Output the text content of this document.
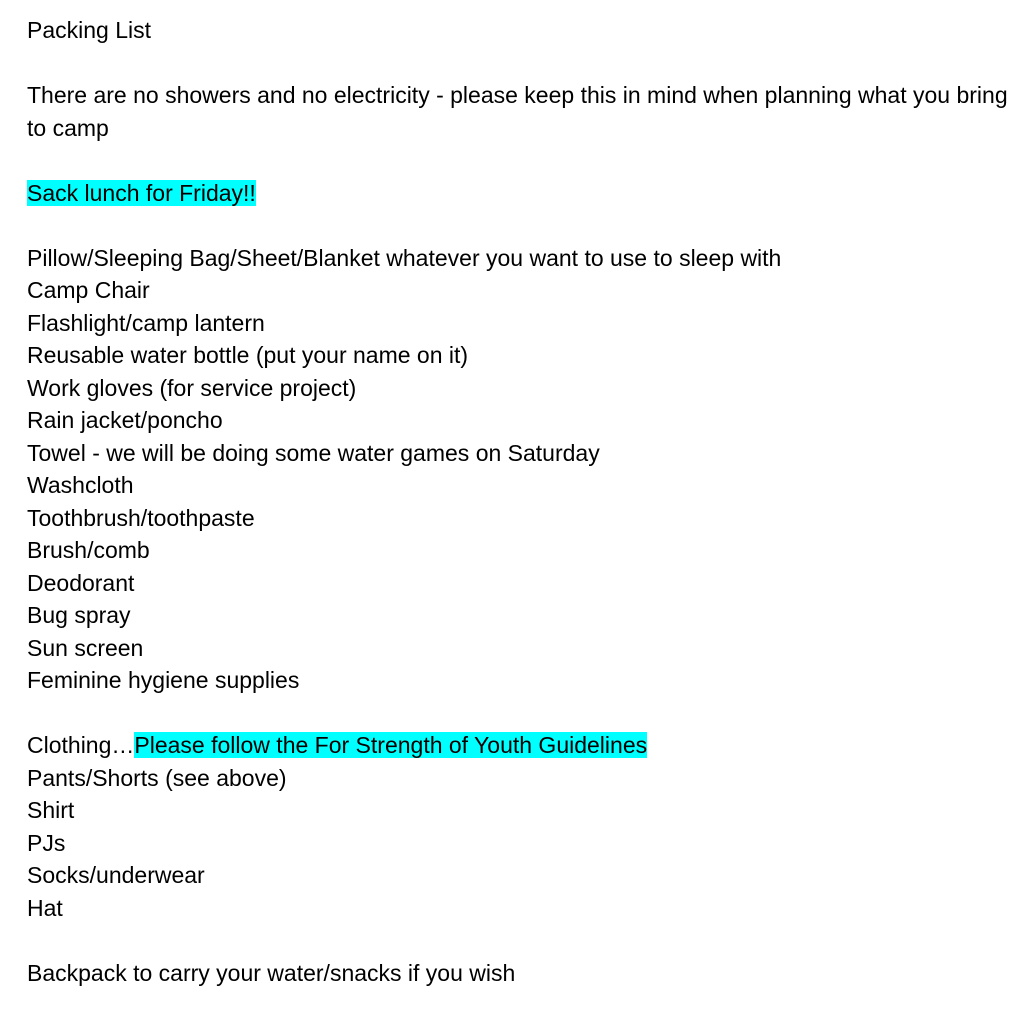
Packing List

There are no showers and no electricity - please keep this in mind when planning what you bring to camp

Sack lunch for Friday!!

Pillow/Sleeping Bag/Sheet/Blanket whatever you want to use to sleep with

Camp Chair

Flashlight/camp lantern

Reusable water bottle (put your name on it)

Work gloves (for service project)

Rain jacket/poncho

Towel - we will be doing some water games on Saturday

Washcloth

Toothbrush/toothpaste

Brush/comb

Deodorant

Bug spray

Sun screen

Feminine hygiene supplies

Clothing…Please follow the For Strength of Youth Guidelines

Pants/Shorts (see above)

Shirt

PJs

Socks/underwear

Hat

Backpack to carry your water/snacks if you wish
